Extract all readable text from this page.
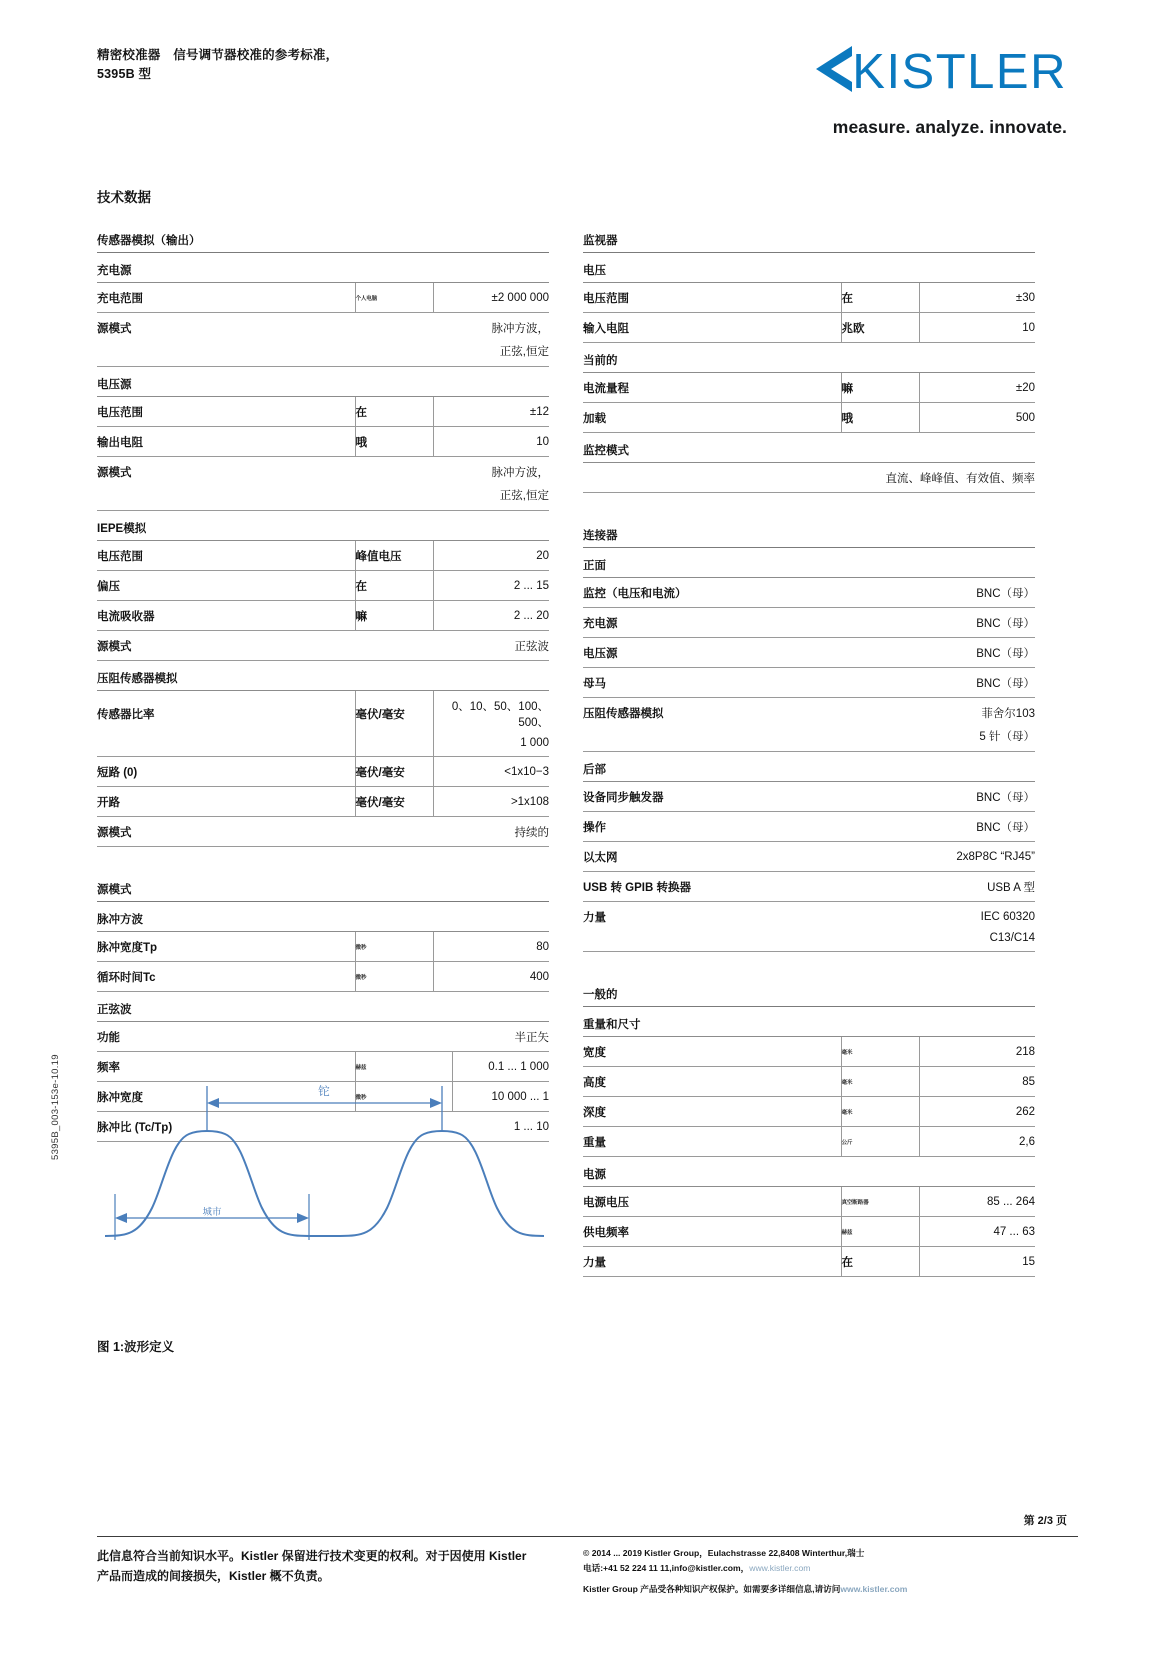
精密校准器　信号调节器校准的参考标准，
5395B 型	KISTLER
measure. analyze. innovate.
5395B_003-153e-10.19
技术数据
传感器模拟（输出）
充电源
充电范围	个人电脑	±2 000 000
源模式	脉冲方波，	
	正弦,恒定	
电压源
电压范围	在	±12
输出电阻	哦	10
源模式	脉冲方波，	
	正弦,恒定	
IEPE模拟
电压范围	峰值电压	20
偏压	在	2 ... 15
电流吸收器	嘛	2 ... 20
源模式	正弦波	
压阻传感器模拟
传感器比率	毫伏/毫安	0、10、50、100、500、
		1 000
短路 (0)	毫伏/毫安	<1x10−3
开路	毫伏/毫安	>1x108
源模式	持续的	
源模式
脉冲方波
脉冲宽度Tp	微秒	80
循环时间Tc	微秒	400
正弦波
功能	半正矢	
频率	赫兹	0.1 ... 1 000
脉冲宽度	微秒	10 000 ... 1
脉冲比 (Tc/Tp)	1 ... 10	
监视器
电压
电压范围	在	±30
输入电阻	兆欧	10
当前的
电流量程	嘛	±20
加载	哦	500
监控模式
直流、峰峰值、有效值、频率
连接器
正面
监控（电压和电流）	BNC（母）
充电源	BNC（母）
电压源	BNC（母）
母马	BNC（母）
压阻传感器模拟	菲舍尔103
	5 针（母）
后部
设备同步触发器	BNC（母）
操作	BNC（母）
以太网	2x8P8C “RJ45”
USB 转 GPIB 转换器	USB A 型
力量	IEC 60320
	C13/C14
一般的
重量和尺寸
宽度	毫米	218
高度	毫米	85
深度	毫米	262
重量	公斤	2,6
电源
电源电压	真空断路器	85 ... 264
供电频率	赫兹	47 ... 63
力量	在	15
铊
城市
图 1:波形定义
第 2/3 页
此信息符合当前知识水平。Kistler 保留进行技术变更的权利。对于因使用 Kistler
产品而造成的间接损失，Kistler 概不负责。
© 2014 ... 2019 Kistler Group，Eulachstrasse 22,8408 Winterthur,瑞士
电话:+41 52 224 11 11,info@kistler.com，www.kistler.com
Kistler Group 产品受各种知识产权保护。如需要多详细信息,请访问www.kistler.com
